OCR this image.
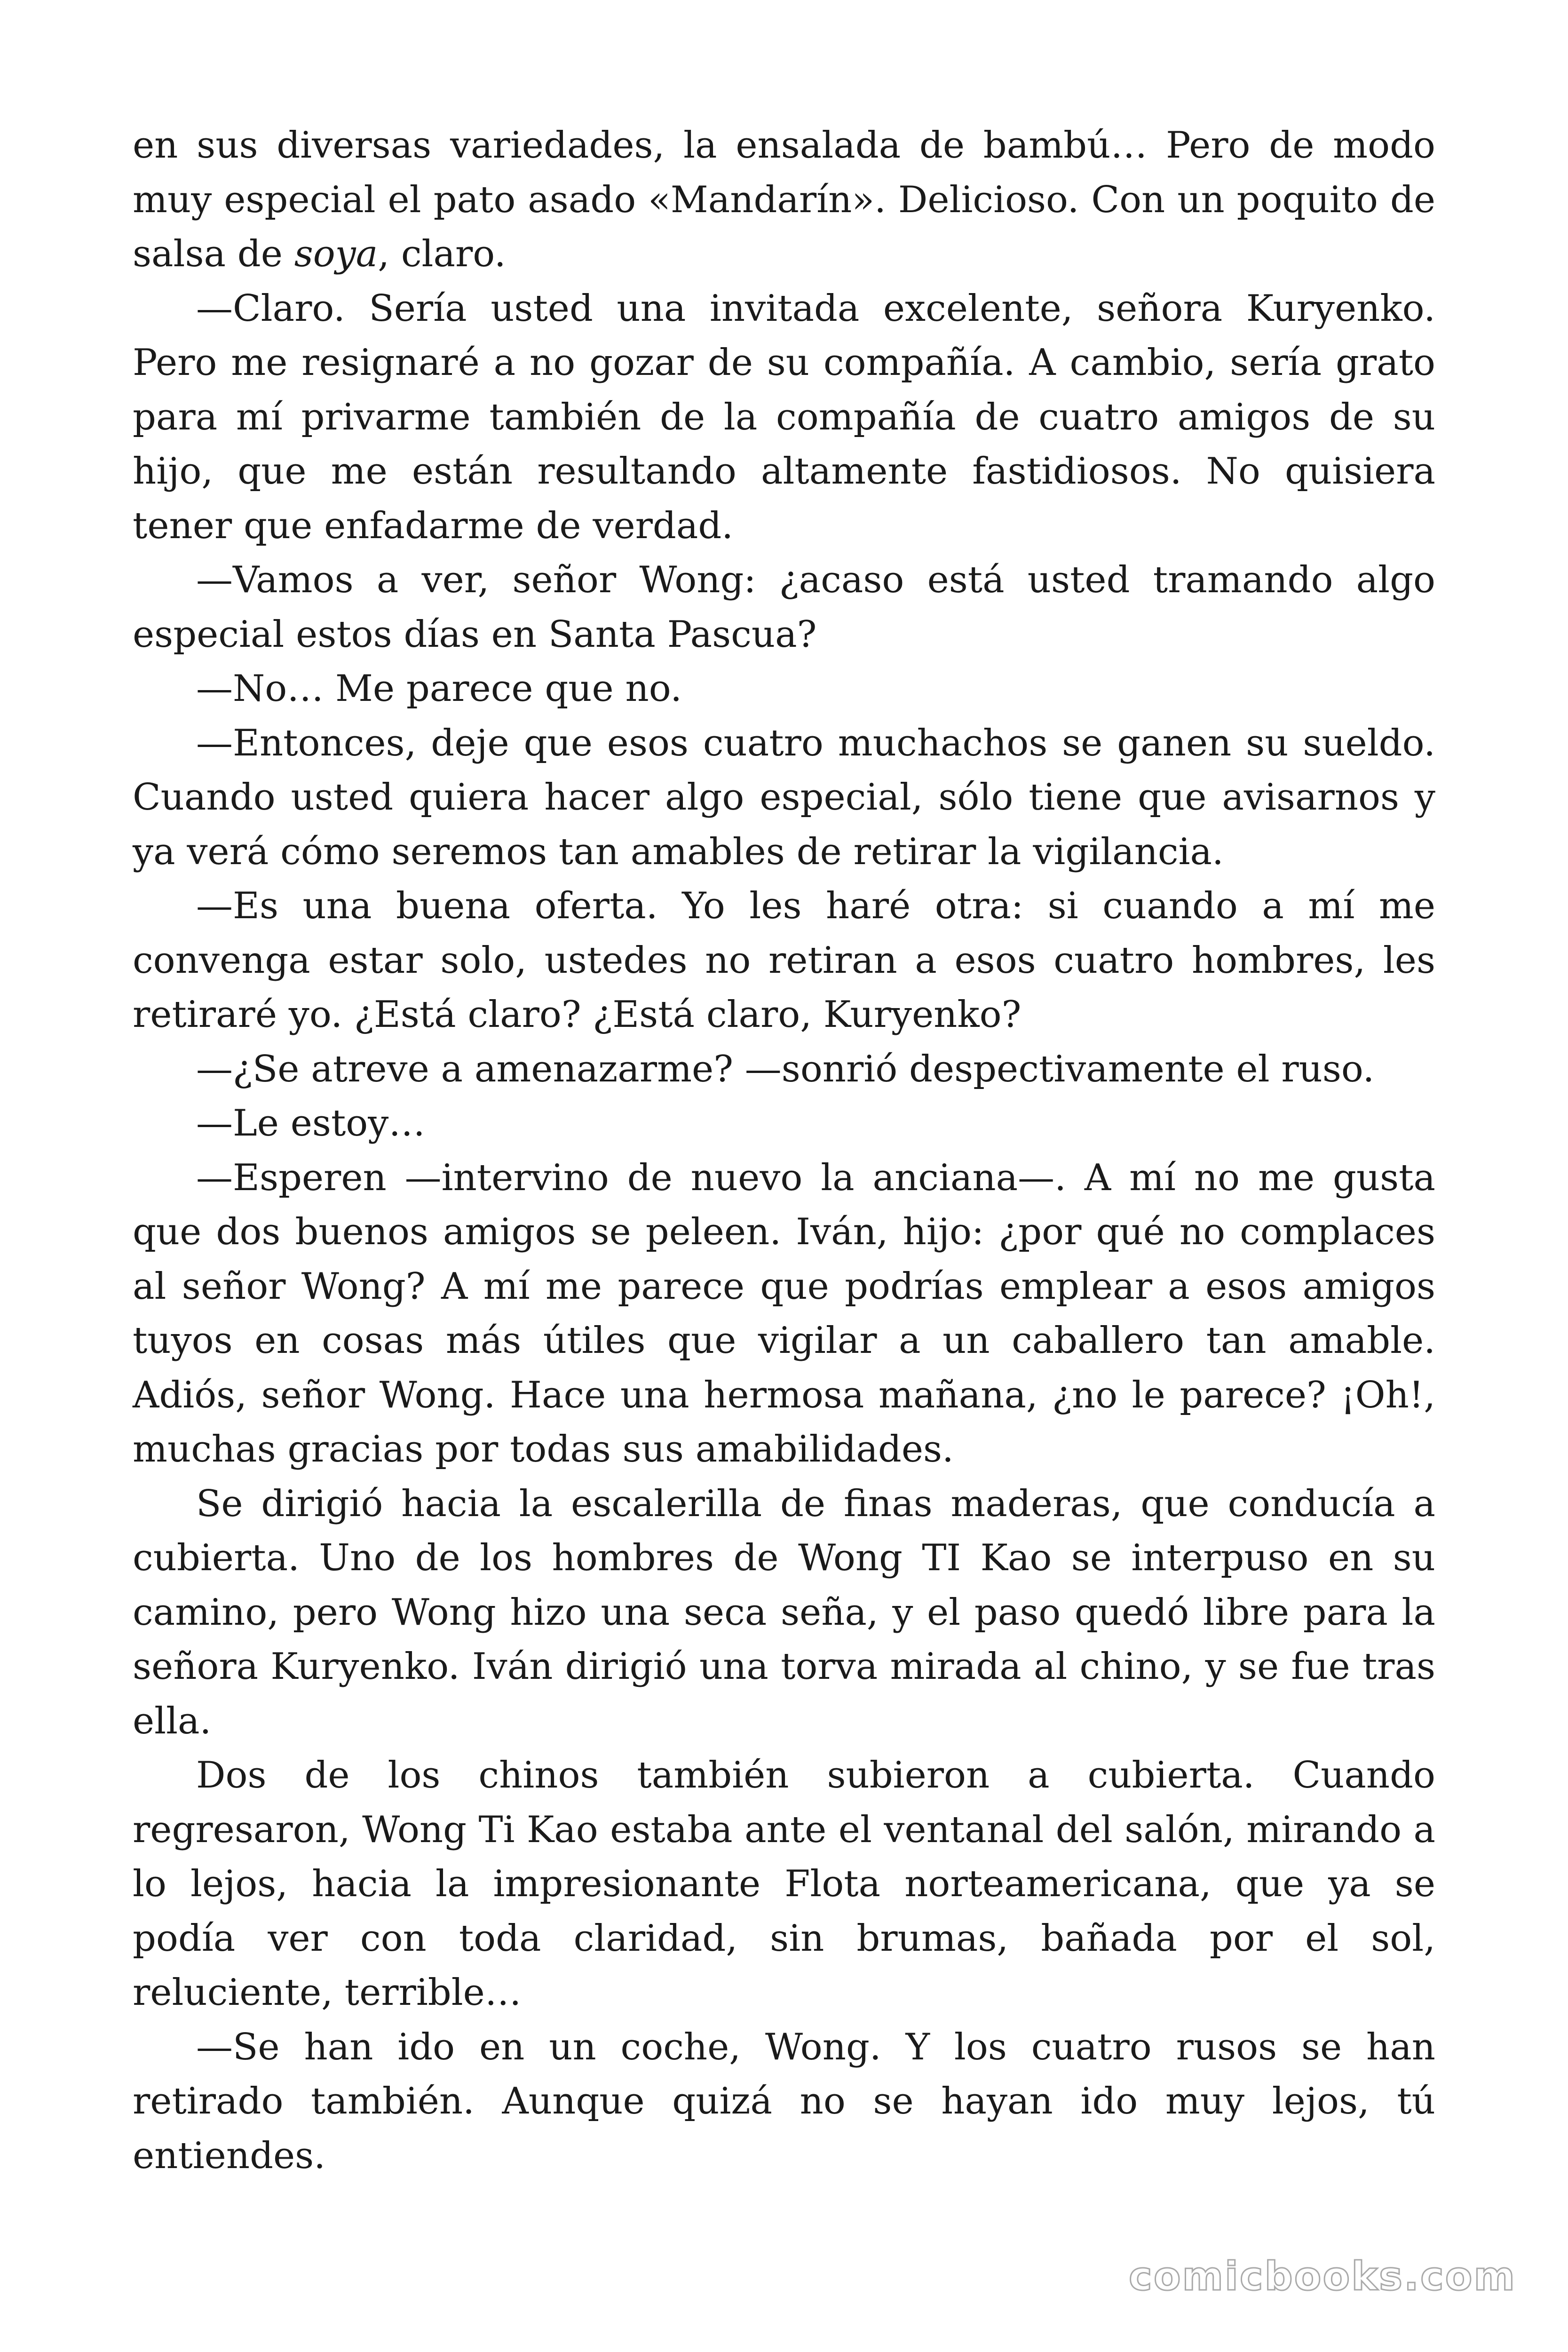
en sus diversas variedades, la ensalada de bambú… Pero de modo muy especial el pato asado «Mandarín». Delicioso. Con un poquito de salsa de soya, claro.

—Claro. Sería usted una invitada excelente, señora Kuryenko. Pero me resignaré a no gozar de su compañía. A cambio, sería grato para mí privarme también de la compañía de cuatro amigos de su hijo, que me están resultando altamente fastidiosos. No quisiera tener que enfadarme de verdad.

—Vamos a ver, señor Wong: ¿acaso está usted tramando algo especial estos días en Santa Pascua?

—No… Me parece que no.

—Entonces, deje que esos cuatro muchachos se ganen su sueldo. Cuando usted quiera hacer algo especial, sólo tiene que avisarnos y ya verá cómo seremos tan amables de retirar la vigilancia.

—Es una buena oferta. Yo les haré otra: si cuando a mí me convenga estar solo, ustedes no retiran a esos cuatro hombres, les retiraré yo. ¿Está claro? ¿Está claro, Kuryenko?

—¿Se atreve a amenazarme? —sonrió despectivamente el ruso.

—Le estoy…

—Esperen —intervino de nuevo la anciana—. A mí no me gusta que dos buenos amigos se peleen. Iván, hijo: ¿por qué no complaces al señor Wong? A mí me parece que podrías emplear a esos amigos tuyos en cosas más útiles que vigilar a un caballero tan amable. Adiós, señor Wong. Hace una hermosa mañana, ¿no le parece? ¡Oh!, muchas gracias por todas sus amabilidades.

Se dirigió hacia la escalerilla de finas maderas, que conducía a cubierta. Uno de los hombres de Wong TI Kao se interpuso en su camino, pero Wong hizo una seca seña, y el paso quedó libre para la señora Kuryenko. Iván dirigió una torva mirada al chino, y se fue tras ella.

Dos de los chinos también subieron a cubierta. Cuando regresaron, Wong Ti Kao estaba ante el ventanal del salón, mirando a lo lejos, hacia la impresionante Flota norteamericana, que ya se podía ver con toda claridad, sin brumas, bañada por el sol, reluciente, terrible…

—Se han ido en un coche, Wong. Y los cuatro rusos se han retirado también. Aunque quizá no se hayan ido muy lejos, tú entiendes.

comicbooks.com
